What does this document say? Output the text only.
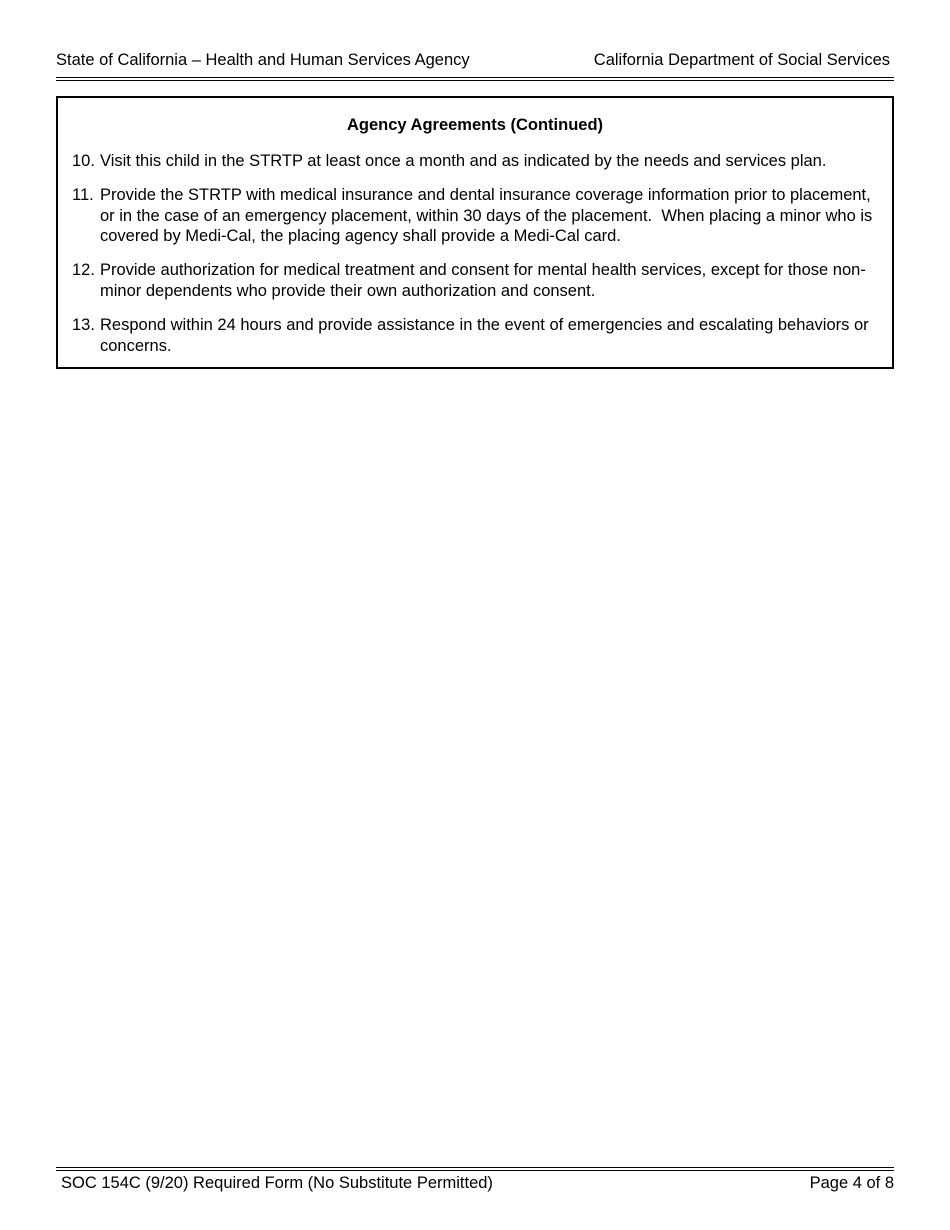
State of California – Health and Human Services Agency	California Department of Social Services
Agency Agreements (Continued)
10. Visit this child in the STRTP at least once a month and as indicated by the needs and services plan.
11. Provide the STRTP with medical insurance and dental insurance coverage information prior to placement, or in the case of an emergency placement, within 30 days of the placement.  When placing a minor who is covered by Medi-Cal, the placing agency shall provide a Medi-Cal card.
12. Provide authorization for medical treatment and consent for mental health services, except for those non-minor dependents who provide their own authorization and consent.
13. Respond within 24 hours and provide assistance in the event of emergencies and escalating behaviors or concerns.
SOC 154C (9/20) Required Form (No Substitute Permitted)	Page 4 of 8
